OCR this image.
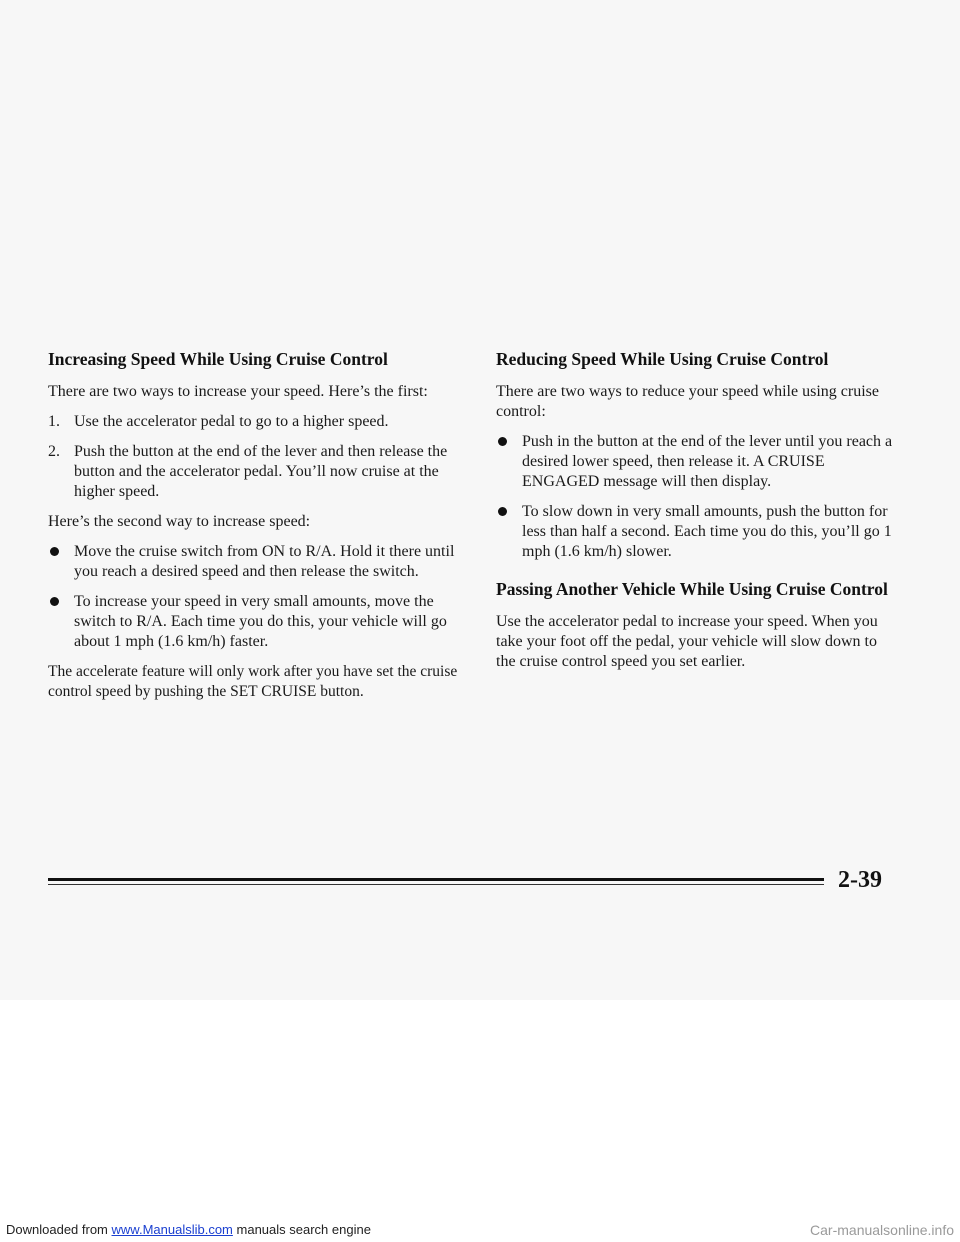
Increasing Speed While Using Cruise Control

There are two ways to increase your speed. Here’s the first:

1. Use the accelerator pedal to go to a higher speed.
2. Push the button at the end of the lever and then release the button and the accelerator pedal. You’ll now cruise at the higher speed.

Here’s the second way to increase speed:

Move the cruise switch from ON to R/A. Hold it there until you reach a desired speed and then release the switch.
To increase your speed in very small amounts, move the switch to R/A. Each time you do this, your vehicle will go about 1 mph (1.6 km/h) faster.

The accelerate feature will only work after you have set the cruise control speed by pushing the SET CRUISE button.

Reducing Speed While Using Cruise Control

There are two ways to reduce your speed while using cruise control:

Push in the button at the end of the lever until you reach a desired lower speed, then release it. A CRUISE ENGAGED message will then display.
To slow down in very small amounts, push the button for less than half a second. Each time you do this, you’ll go 1 mph (1.6 km/h) slower.
Passing Another Vehicle While Using Cruise Control

Use the accelerator pedal to increase your speed. When you take your foot off the pedal, your vehicle will slow down to the cruise control speed you set earlier.

2-39
Downloaded from www.Manualslib.com manuals search engine	Car-manualsonline.info
